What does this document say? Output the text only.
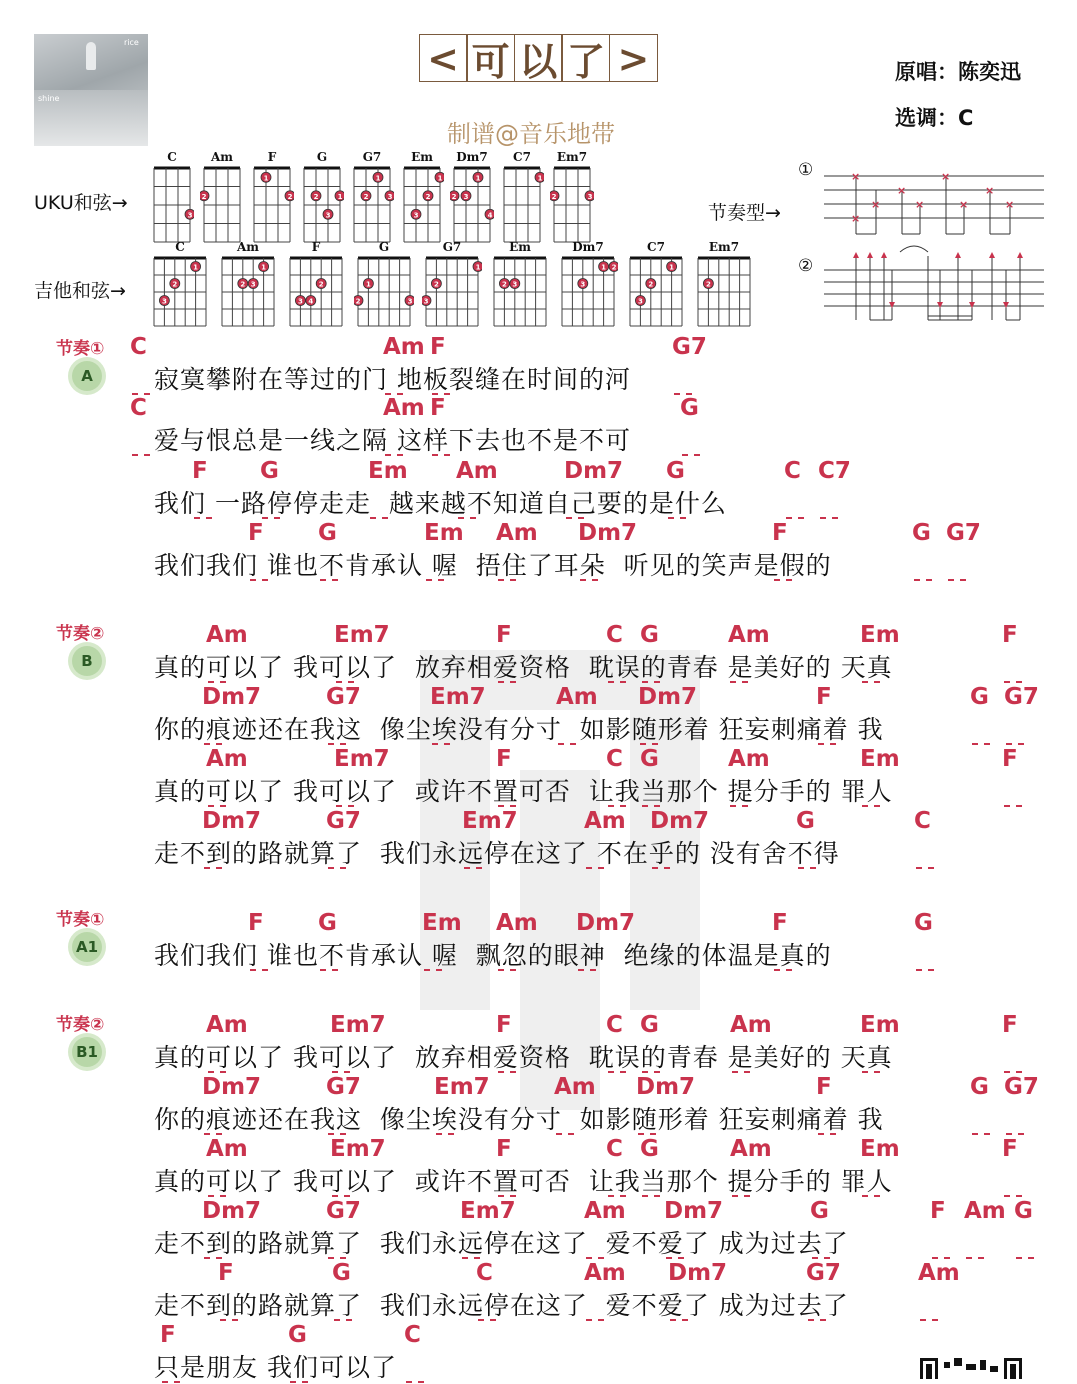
rice
shine
< 可 以 了 >
制谱@音乐地带
原唱：陈奕迅
选调：C
UKU和弦→
吉他和弦→
节奏型→
①
②
C
3
Am
2
F
1
2
G
2
3
1
G7
2
1
3
Em
3
2
1
Dm7
2 3
1
4
C7
1
Em7
2	3
C
1
2
3
Am
1
2 3
F
3 4
2
G
2
1
3
G7
3
2
1
Em
2 3
Dm7
1 2
3
C7
3
2
1
Em7
2
×
×
×
×
×
×
×
×
×
节奏①
A
节奏②
B
节奏①
A1
节奏②
B1
寂寞攀附在等过的门 地板裂缝在时间的河
C	Am F	G7
爱与恨总是一线之隔 这样下去也不是不可
C	Am F	G
我们 一路停停走走  越来越不知道自己要的是什么
F G	Em Am	Dm7 G	C C7
我们我们 谁也不肯承认 喔  捂住了耳朵  听见的笑声是假的
F G	Em Am Dm7	F	G G7
真的可以了 我可以了  放弃相爱资格  耽误的青春 是美好的 天真
Am	Em7	F	C G	Am	Em	F
你的痕迹还在我这  像尘埃没有分寸  如影随形着 狂妄刺痛着 我
Dm7	G7	Em7	Am Dm7	F	G G7
真的可以了 我可以了  或许不置可否  让我当那个 提分手的 罪人
Am	Em7	F	C G	Am	Em	F
走不到的路就算了  我们永远停在这了 不在乎的 没有舍不得
Dm7	G7	Em7	Am Dm7	G	C
我们我们 谁也不肯承认 喔  飘忽的眼神  绝缘的体温是真的
F G	Em Am Dm7	F	G
真的可以了 我可以了  放弃相爱资格  耽误的青春 是美好的 天真
Am	Em7	F	C G	Am	Em	F
你的痕迹还在我这  像尘埃没有分寸  如影随形着 狂妄刺痛着 我
Dm7	G7	Em7	Am Dm7	F	G G7
真的可以了 我可以了  或许不置可否  让我当那个 提分手的 罪人
Am	Em7	F	C G	Am	Em	F
走不到的路就算了  我们永远停在这了  爱不爱了 成为过去了
Dm7	G7	Em7	Am Dm7	G	F Am G
走不到的路就算了  我们永远停在这了  爱不爱了 成为过去了
F	G	C	Am Dm7	G7	Am
只是朋友 我们可以了
F	G	C
